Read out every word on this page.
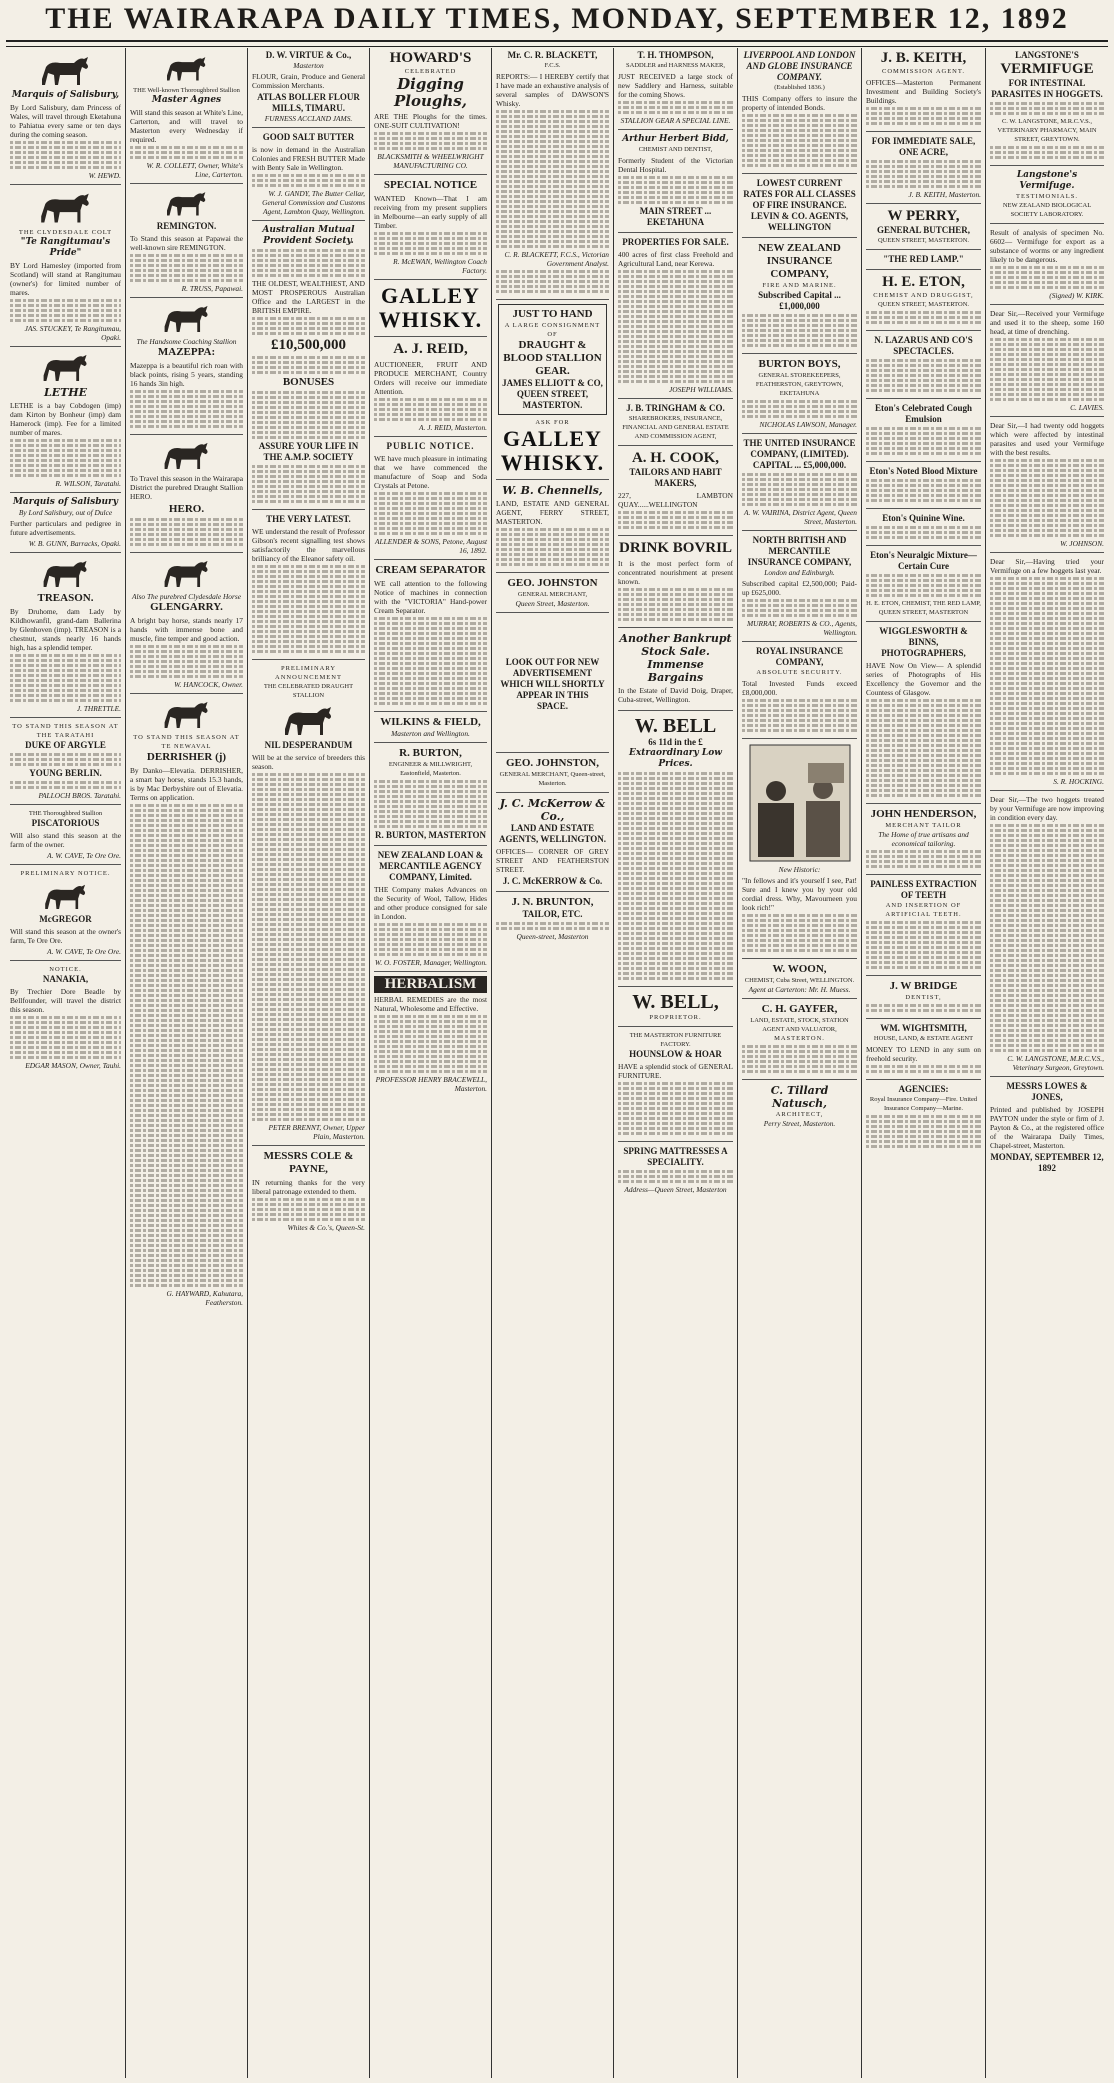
THE WAIRARAPA DAILY TIMES, MONDAY, SEPTEMBER 12, 1892
Marquis of Salisbury,
By Lord Salisbury, dam Princess of Wales, will travel through Eketahuna to Pahiatua every same or ten days during the coming season.
W. HEWD.
THE CLYDESDALE COLT
"Te Rangitumau's Pride"
BY Lord Hamesley (imported from Scotland) will stand at Rangitumau (owner's) for limited number of mares.
JAS. STUCKEY, Te Rangitumau, Opaki.
LETHE
LETHE is a bay Cobdogen (imp) dam Kirton by Bonheur (imp) dam Hamerock (imp). Fee for a limited number of mares.
R. WILSON, Taratahi.
Marquis of Salisbury
By Lord Salisbury, out of Dulce
Further particulars and pedigree in future advertisements.
W. B. GUNN, Barracks, Opaki.
TREASON.
By Druhome, dam Lady by Kildhowanfil, grand-dam Ballerina by Glenhoven (imp). TREASON is a chestnut, stands nearly 16 hands high, has a splendid temper.
J. THRETTLE.
TO STAND THIS SEASON AT THE TARATAHI
DUKE OF ARGYLE
YOUNG BERLIN.
PALLOCH BROS. Taratahi.
THE Thoroughbred Stallion
PISCATORIOUS
Will also stand this season at the farm of the owner.
A. W. CAVE, Te Ore Ore.
PRELIMINARY NOTICE.
McGREGOR
Will stand this season at the owner's farm, Te Ore Ore.
A. W. CAVE, Te Ore Ore.
NOTICE.
NANAKIA,
By Trechier Dore Beadle by Bellfounder, will travel the district this season.
EDGAR MASON, Owner, Tauhi.
THE Well-known Thoroughbred Stallion
Master Agnes
Will stand this season at White's Line, Carterton, and will travel to Masterton every Wednesday if required.
W. R. COLLETT, Owner, White's Line, Carterton.
REMINGTON.
To Stand this season at Papawai the well-known sire REMINGTON.
R. TRUSS, Papawai.
The Handsome Coaching Stallion
MAZEPPA:
Mazeppa is a beautiful rich roan with black points, rising 5 years, standing 16 hands 3in high.
To Travel this season in the Wairarapa District the purebred Draught Stallion HERO.
HERO.
Also The purebred Clydesdale Horse
GLENGARRY.
A bright bay horse, stands nearly 17 hands with immense bone and muscle, fine temper and good action.
W. HANCOCK, Owner.
TO STAND THIS SEASON AT TE NEWAVAL
DERRISHER (j)
By Danko—Elevatia. DERRISHER, a smart bay horse, stands 15.3 hands, is by Mac Derbyshire out of Elevatia. Terms on application.
G. HAYWARD, Kahutara, Featherston.
D. W. VIRTUE & Co.,
Masterton
FLOUR, Grain, Produce and General Commission Merchants.
ATLAS BOLLER FLOUR MILLS, TIMARU.
FURNESS ACCLAND JAMS.
GOOD SALT BUTTER
is now in demand in the Australian Colonies and FRESH BUTTER Made with Benty Sale in Wellington.
W. J. GANDY, The Butter Cellar, General Commission and Customs Agent, Lambton Quay, Wellington.
Australian Mutual Provident Society.
THE OLDEST, WEALTHIEST, AND MOST PROSPEROUS Australian Office and the LARGEST in the BRITISH EMPIRE.
£10,500,000
BONUSES
ASSURE YOUR LIFE IN THE A.M.P. SOCIETY
THE VERY LATEST.
WE understand the result of Professor Gibson's recent signalling test shows satisfactorily the marvellous brilliancy of the Eleanor safety oil.
PRELIMINARY ANNOUNCEMENT
THE CELEBRATED DRAUGHT STALLION
NIL DESPERANDUM
Will be at the service of breeders this season.
PETER BRENNT, Owner, Upper Plain, Masterton.
MESSRS COLE & PAYNE,
IN returning thanks for the very liberal patronage extended to them.
Whites & Co.'s, Queen-St.
HOWARD'S
CELEBRATED
Digging Ploughs,
ARE THE Ploughs for the times. ONE-SUIT CULTIVATION!
BLACKSMITH & WHEELWRIGHT MANUFACTURING CO.
SPECIAL NOTICE
WANTED Known—That I am receiving from my present suppliers in Melbourne—an early supply of all Timber.
R. McEWAN, Wellington Coach Factory.
GALLEY WHISKY.
A. J. REID,
AUCTIONEER, FRUIT AND PRODUCE MERCHANT, Country Orders will receive our immediate Attention.
A. J. REID, Masterton.
PUBLIC NOTICE.
WE have much pleasure in intimating that we have commenced the manufacture of Soap and Soda Crystals at Petone.
ALLENDER & SONS, Petone, August 16, 1892.
CREAM SEPARATOR
WE call attention to the following Notice of machines in connection with the "VICTORIA" Hand-power Cream Separator.
WILKINS & FIELD,
Masterton and Wellington.
R. BURTON,
ENGINEER & MILLWRIGHT, Eastonfield, Masterton.
R. BURTON, MASTERTON
NEW ZEALAND LOAN & MERCANTILE AGENCY COMPANY, Limited.
THE Company makes Advances on the Security of Wool, Tallow, Hides and other produce consigned for sale in London.
W. O. FOSTER, Manager, Wellington.
HERBALISM
HERBAL REMEDIES are the most Natural, Wholesome and Effective.
PROFESSOR HENRY BRACEWELL, Masterton.
Mr. C. R. BLACKETT,
F.C.S.
REPORTS:— I HEREBY certify that I have made an exhaustive analysis of several samples of DAWSON'S Whisky.
C. R. BLACKETT, F.C.S., Victorian Government Analyst.
JUST TO HAND
A LARGE CONSIGNMENT OF
DRAUGHT & BLOOD STALLION GEAR.
JAMES ELLIOTT & CO, QUEEN STREET, MASTERTON.
ASK FOR
GALLEY WHISKY.
W. B. Chennells,
LAND, ESTATE AND GENERAL AGENT, FERRY STREET, MASTERTON.
GEO. JOHNSTON
GENERAL MERCHANT,
Queen Street, Masterton.
LOOK OUT FOR NEW ADVERTISEMENT WHICH WILL SHORTLY APPEAR IN THIS SPACE.
GEO. JOHNSTON,
GENERAL MERCHANT, Queen-street, Masterton.
J. C. McKerrow & Co.,
LAND AND ESTATE AGENTS, WELLINGTON.
OFFICES— CORNER OF GREY STREET AND FEATHERSTON STREET.
J. C. McKERROW & Co.
J. N. BRUNTON,
TAILOR, ETC.
Queen-street, Masterton
T. H. THOMPSON,
SADDLER and HARNESS MAKER,
JUST RECEIVED a large stock of new Saddlery and Harness, suitable for the coming Shows.
STALLION GEAR A SPECIAL LINE.
Arthur Herbert Bidd,
CHEMIST AND DENTIST,
Formerly Student of the Victorian Dental Hospital.
MAIN STREET ... EKETAHUNA
PROPERTIES FOR SALE.
400 acres of first class Freehold and Agricultural Land, near Kerewa.
JOSEPH WILLIAMS.
J. B. TRINGHAM & CO.
SHAREBROKERS, INSURANCE, FINANCIAL AND GENERAL ESTATE AND COMMISSION AGENT,
A. H. COOK,
TAILORS AND HABIT MAKERS,
227, LAMBTON QUAY......WELLINGTON
DRINK BOVRIL
It is the most perfect form of concentrated nourishment at present known.
Another Bankrupt Stock Sale.
Immense Bargains
In the Estate of David Doig, Draper, Cuba-street, Wellington.
W. BELL
6s 11d in the £
Extraordinary Low Prices.
W. BELL,
PROPRIETOR.
THE MASTERTON FURNITURE FACTORY.
HOUNSLOW & HOAR
HAVE a splendid stock of GENERAL FURNITURE.
SPRING MATTRESSES A SPECIALITY.
Address—Queen Street, Masterton
LIVERPOOL AND LONDON AND GLOBE INSURANCE COMPANY.
(Established 1836.)
THIS Company offers to insure the property of intended Bonds.
LOWEST CURRENT RATES FOR ALL CLASSES OF FIRE INSURANCE.
LEVIN & CO. AGENTS, WELLINGTON
NEW ZEALAND INSURANCE COMPANY,
FIRE AND MARINE.
Subscribed Capital ... £1,000,000
BURTON BOYS,
GENERAL STOREKEEPERS,
FEATHERSTON, GREYTOWN, EKETAHUNA
NICHOLAS LAWSON, Manager.
THE UNITED INSURANCE COMPANY, (LIMITED).
CAPITAL ... £5,000,000.
A. W. VAIRINA, District Agent, Queen Street, Masterton.
NORTH BRITISH AND MERCANTILE INSURANCE COMPANY,
London and Edinburgh.
Subscribed capital £2,500,000; Paid-up £625,000.
MURRAY, ROBERTS & CO., Agents, Wellington.
ROYAL INSURANCE COMPANY,
ABSOLUTE SECURITY.
Total Invested Funds exceed £8,000,000.
New Historic:
"In fellows and it's yourself I see, Pat! Sure and I knew you by your old cordial dress. Why, Mavourneen you look rich!"
W. WOON,
CHEMIST, Cuba Street, WELLINGTON.
Agent at Carterton: Mr. H. Muess.
C. H. GAYFER,
LAND, ESTATE, STOCK, STATION AGENT AND VALUATOR,
MASTERTON.
C. Tillard Natusch,
ARCHITECT,
Perry Street, Masterton.
J. B. KEITH,
COMMISSION AGENT.
OFFICES—Masterton Permanent Investment and Building Society's Buildings.
FOR IMMEDIATE SALE,
ONE ACRE,
J. B. KEITH, Masterton.
W PERRY,
GENERAL BUTCHER,
QUEEN STREET, MASTERTON.
"THE RED LAMP."
H. E. ETON,
CHEMIST AND DRUGGIST,
QUEEN STREET, MASTERTON.
N. LAZARUS AND CO'S SPECTACLES.
Eton's Celebrated Cough Emulsion
Eton's Noted Blood Mixture
Eton's Quinine Wine.
Eton's Neuralgic Mixture—Certain Cure
H. E. ETON, CHEMIST, THE RED LAMP, QUEEN STREET, MASTERTON
WIGGLESWORTH & BINNS, PHOTOGRAPHERS,
HAVE Now On View— A splendid series of Photographs of His Excellency the Governor and the Countess of Glasgow.
JOHN HENDERSON,
MERCHANT TAILOR
The Home of true artisans and economical tailoring.
PAINLESS EXTRACTION OF TEETH
AND INSERTION OF ARTIFICIAL TEETH.
J. W BRIDGE
DENTIST,
WM. WIGHTSMITH,
HOUSE, LAND, & ESTATE AGENT
MONEY TO LEND in any sum on freehold security.
AGENCIES:
Royal Insurance Company—Fire. United Insurance Company—Marine.
LANGSTONE'S
VERMIFUGE
FOR INTESTINAL PARASITES IN HOGGETS.
C. W. LANGSTONE, M.R.C.V.S., VETERINARY PHARMACY, MAIN STREET, GREYTOWN.
Langstone's Vermifuge.
TESTIMONIALS.
NEW ZEALAND BIOLOGICAL SOCIETY LABORATORY.
Result of analysis of specimen No. 6602— Vermifuge for export as a substance of worms or any ingredient likely to be dangerous.
(Signed) W. KIRK.
Dear Sir,—Received your Vermifuge and used it to the sheep, some 160 head, at time of drenching.
C. LAVIES.
Dear Sir,—I had twenty odd hoggets which were affected by intestinal parasites and used your Vermifuge with the best results.
W. JOHNSON.
Dear Sir,—Having tried your Vermifuge on a few hoggets last year.
S. R. HOCKING.
Dear Sir,—The two hoggets treated by your Vermifuge are now improving in condition every day.
C. W. LANGSTONE, M.R.C.V.S., Veterinary Surgeon, Greytown.
MESSRS LOWES & JONES,
Printed and published by JOSEPH PAYTON under the style or firm of J. Payton & Co., at the registered office of the Wairarapa Daily Times, Chapel-street, Masterton.
MONDAY, SEPTEMBER 12, 1892
